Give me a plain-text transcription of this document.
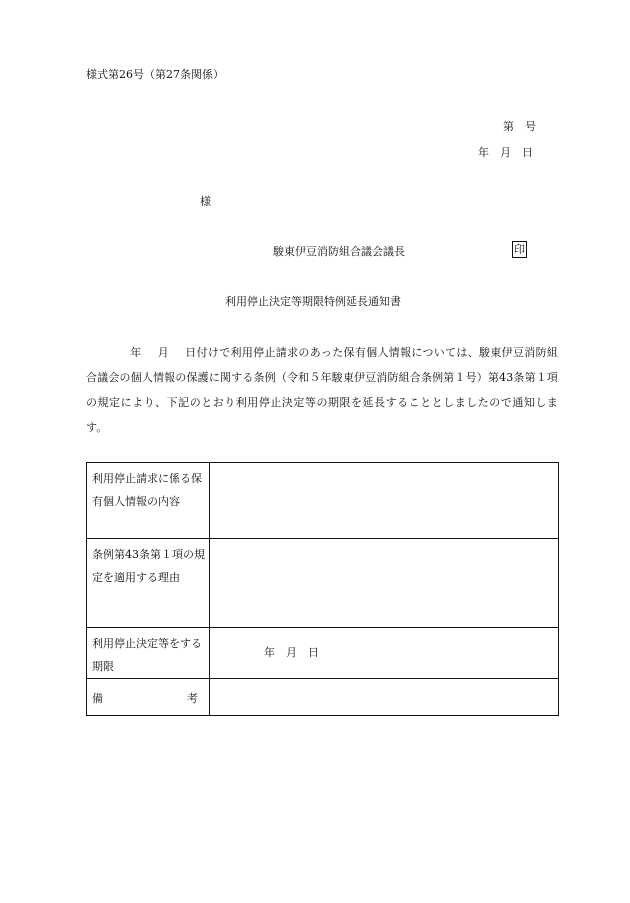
様式第26号（第27条関係）
第　号
年　月　日
様
駿東伊豆消防組合議会議長	印
利用停止決定等期限特例延長通知書
年 月 日付けで利用停止請求のあった保有個人情報については、駿東伊豆消防組合議会の個人情報の保護に関する条例（令和５年駿東伊豆消防組合条例第１号）第43条第１項の規定により、下記のとおり利用停止決定等の期限を延長することとしましたので通知します。
利用停止請求に係る保有個人情報の内容	
条例第43条第１項の規定を適用する理由	
利用停止決定等をする期限	年　月　日

備 考	
